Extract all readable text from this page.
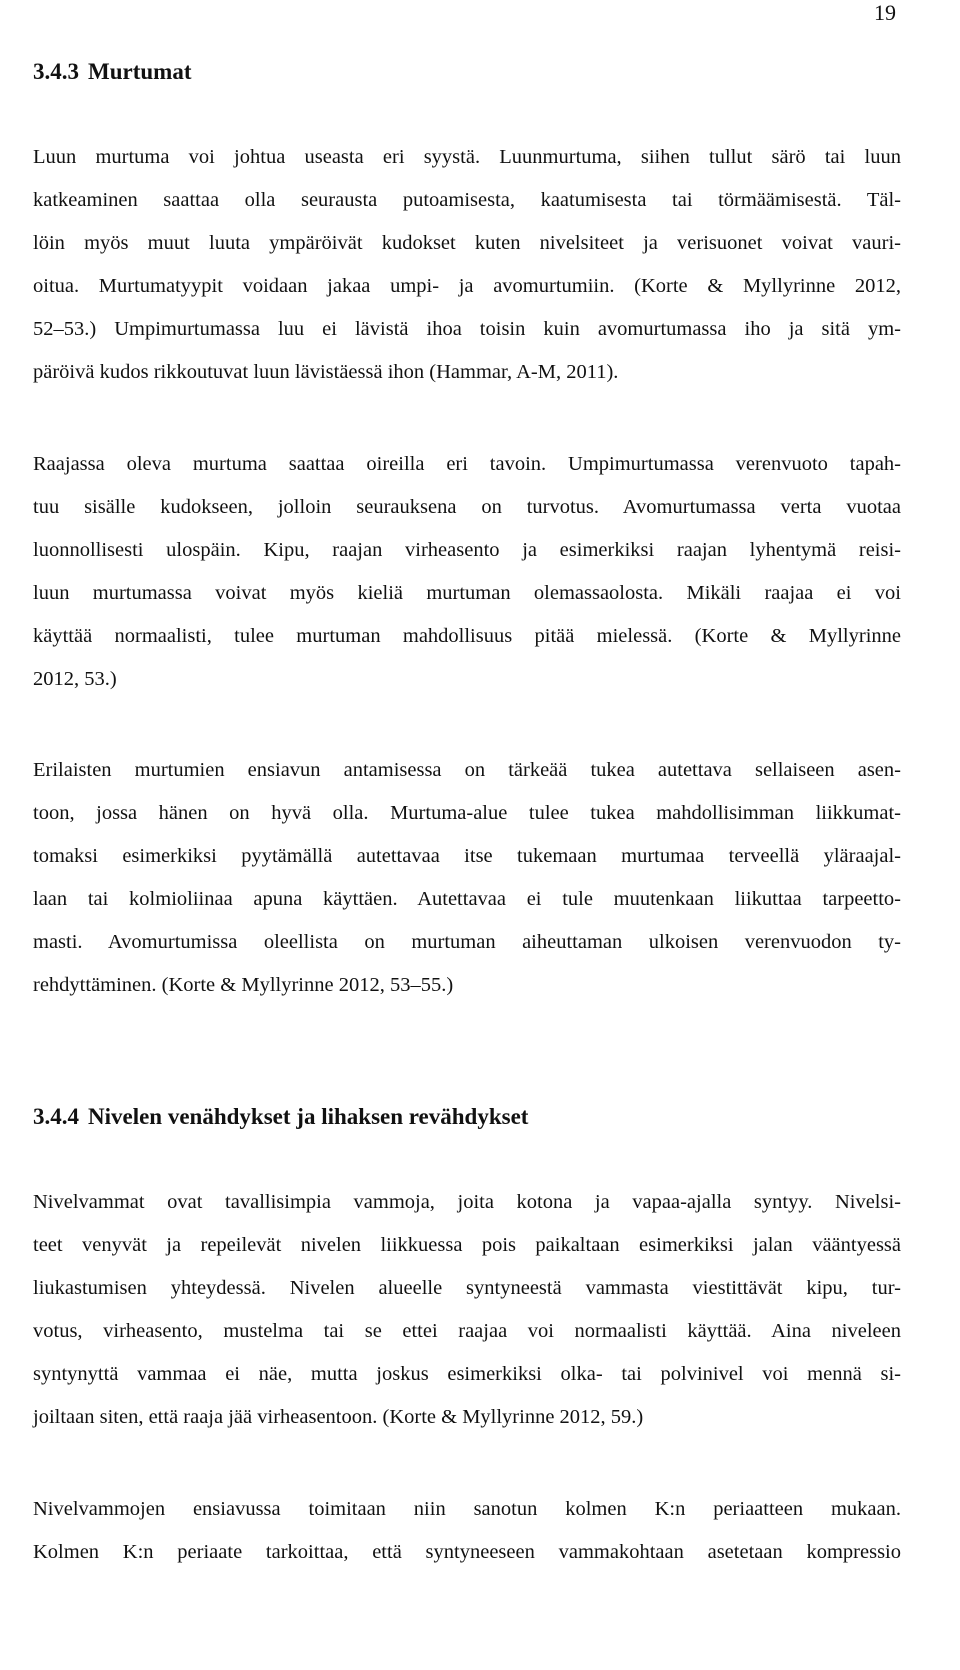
19
3.4.3 Murtumat
Luun murtuma voi johtua useasta eri syystä. Luunmurtuma, siihen tullut särö tai luun
katkeaminen saattaa olla seurausta putoamisesta, kaatumisesta tai törmäämisestä. Täl-
löin myös muut luuta ympäröivät kudokset kuten nivelsiteet ja verisuonet voivat vauri-
oitua. Murtumatyypit voidaan jakaa umpi- ja avomurtumiin. (Korte & Myllyrinne 2012,
52–53.) Umpimurtumassa luu ei lävistä ihoa toisin kuin avomurtumassa iho ja sitä ym-
päröivä kudos rikkoutuvat luun lävistäessä ihon (Hammar, A-M, 2011).
Raajassa oleva murtuma saattaa oireilla eri tavoin. Umpimurtumassa verenvuoto tapah-
tuu sisälle kudokseen, jolloin seurauksena on turvotus. Avomurtumassa verta vuotaa
luonnollisesti ulospäin. Kipu, raajan virheasento ja esimerkiksi raajan lyhentymä reisi-
luun murtumassa voivat myös kieliä murtuman olemassaolosta. Mikäli raajaa ei voi
käyttää normaalisti, tulee murtuman mahdollisuus pitää mielessä. (Korte & Myllyrinne
2012, 53.)
Erilaisten murtumien ensiavun antamisessa on tärkeää tukea autettava sellaiseen asen-
toon, jossa hänen on hyvä olla. Murtuma-alue tulee tukea mahdollisimman liikkumat-
tomaksi esimerkiksi pyytämällä autettavaa itse tukemaan murtumaa terveellä yläraajal-
laan tai kolmioliinaa apuna käyttäen. Autettavaa ei tule muutenkaan liikuttaa tarpeetto-
masti. Avomurtumissa oleellista on murtuman aiheuttaman ulkoisen verenvuodon ty-
rehdyttäminen. (Korte & Myllyrinne 2012, 53–55.)
3.4.4 Nivelen venähdykset ja lihaksen revähdykset
Nivelvammat ovat tavallisimpia vammoja, joita kotona ja vapaa-ajalla syntyy. Nivelsi-
teet venyvät ja repeilevät nivelen liikkuessa pois paikaltaan esimerkiksi jalan vääntyessä
liukastumisen yhteydessä. Nivelen alueelle syntyneestä vammasta viestittävät kipu, tur-
votus, virheasento, mustelma tai se ettei raajaa voi normaalisti käyttää. Aina niveleen
syntynyttä vammaa ei näe, mutta joskus esimerkiksi olka- tai polvinivel voi mennä si-
joiltaan siten, että raaja jää virheasentoon. (Korte & Myllyrinne 2012, 59.)
Nivelvammojen ensiavussa toimitaan niin sanotun kolmen K:n periaatteen mukaan.
Kolmen K:n periaate tarkoittaa, että syntyneeseen vammakohtaan asetetaan kompressio
